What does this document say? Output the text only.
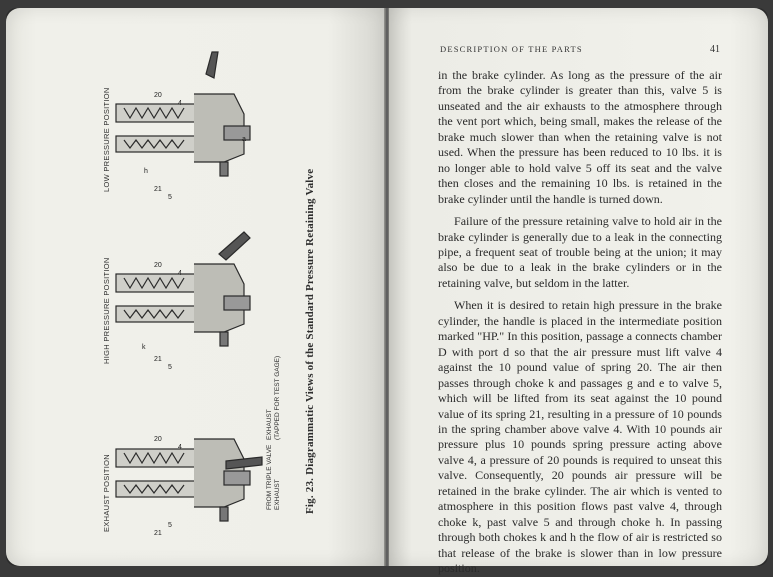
LOW PRESSURE POSITION
HIGH PRESSURE POSITION
EXHAUST POSITION
20
4
21
5
20
4
21
5
20
4
21
5
h
k
a
EXHAUST
(TAPPED FOR TEST GAGE)
FROM TRIPLE VALVE
EXHAUST Fig. 23. Diagrammatic Views of the Standard Pressure Retaining Valve
DESCRIPTION OF THE PARTS	41

in the brake cylinder. As long as the pressure of the air from the brake cylinder is greater than this, valve 5 is unseated and the air exhausts to the atmosphere through the vent port which, being small, makes the release of the brake much slower than when the retaining valve is not used. When the pressure has been reduced to 10 lbs. it is no longer able to hold valve 5 off its seat and the valve then closes and the remaining 10 lbs. is retained in the brake cylinder until the handle is turned down.

Failure of the pressure retaining valve to hold air in the brake cylinder is generally due to a leak in the connecting pipe, a frequent seat of trouble being at the union; it may also be due to a leak in the brake cylinders or in the retaining valve, but seldom in the latter.

When it is desired to retain high pressure in the brake cylinder, the handle is placed in the intermediate position marked "HP." In this position, passage a connects chamber D with port d so that the air pressure must lift valve 4 against the 10 pound value of spring 20. The air then passes through choke k and passages g and e to valve 5, which will be lifted from its seat against the 10 pound value of its spring 21, resulting in a pressure of 10 pounds in the spring chamber above valve 4. With 10 pounds air pressure plus 10 pounds spring pressure acting above valve 4, a pressure of 20 pounds is required to unseat this valve. Consequently, 20 pounds air pressure will be retained in the brake cylinder. The air which is vented to atmosphere in this position flows past valve 4, through choke k, past valve 5 and through choke h. In passing through both chokes k and h the flow of air is restricted so that release of the brake is slower than in low pressure position.
